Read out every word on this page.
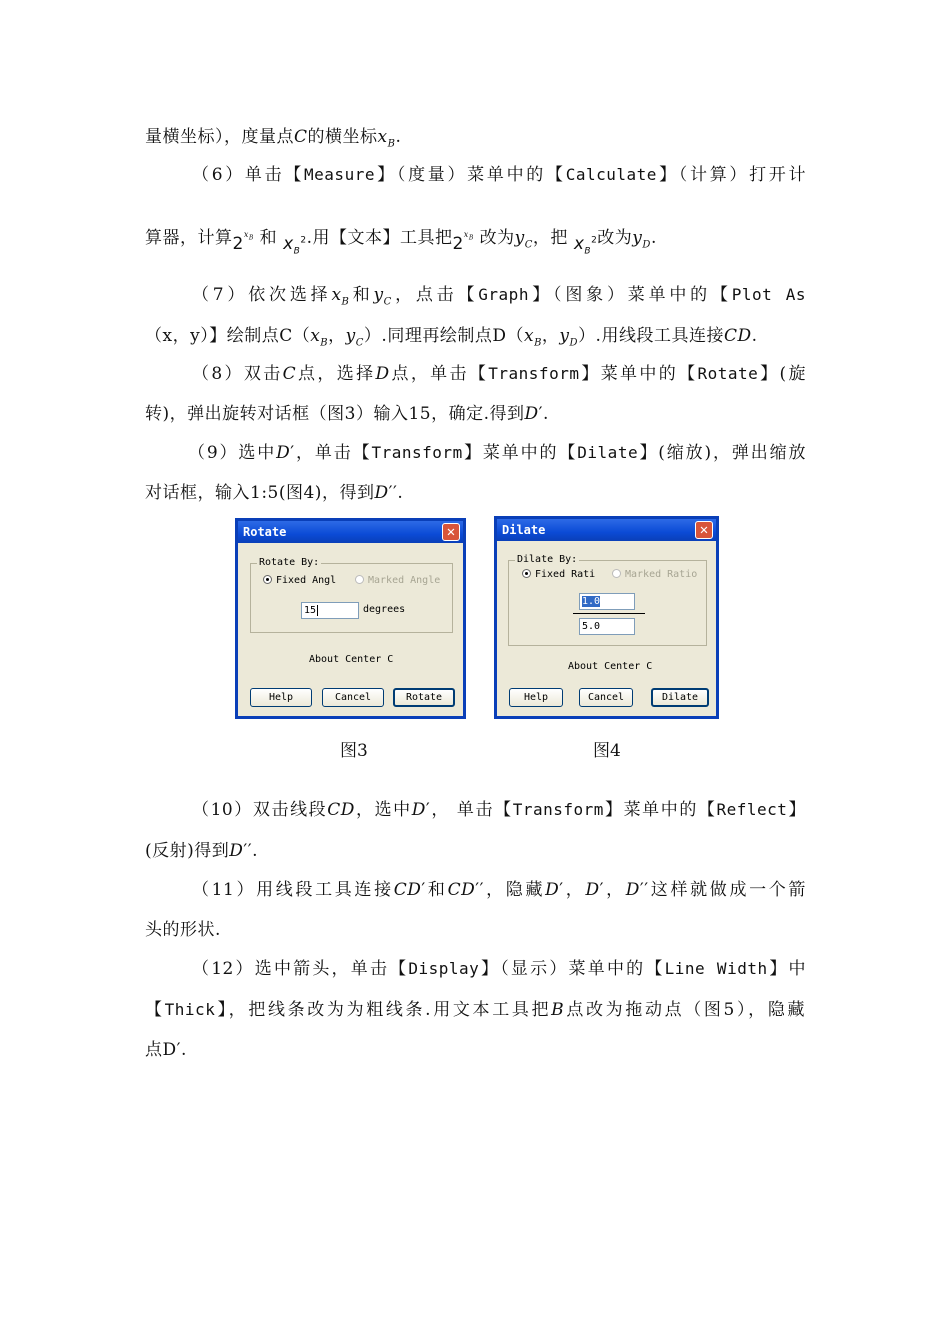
量横坐标），度量点C的横坐标$x_B$.
（6）单击【Measure】（度量）菜单中的【Calculate】（计算）打开计
算器，计算$2^{x_B}$ 和 $x_B^2$.用【文本】工具把$2^{x_B}$ 改为$y_C$，把 $x_B^2$改为$y_D$.
（7）依次选择$x_B$和$y_C$，点击【Graph】（图象）菜单中的【Plot As
（x，y）】绘制点$C(x_B$，$y_C$）.同理再绘制点$D(x_B$，$y_D$）.用线段工具连接CD.
（8）双击C点，选择D点，单击【Transform】菜单中的【Rotate】(旋
转)，弹出旋转对话框（图3）输入15，确定.得到D′.
（9）选中D′，单击【Transform】菜单中的【Dilate】(缩放)，弹出缩放
对话框，输入1:5(图4)，得到D′′.
Rotate	✕
Rotate By:
Fixed Angl	Marked Angle
15	degrees
About Center C
Help	Cancel	Rotate
Dilate	✕
Dilate By:
Fixed Rati	Marked Ratio
1.0
5.0
About Center C
Help	Cancel	Dilate
图3	图4
（10）双击线段CD，选中D′， 单击【Transform】菜单中的【Reflect】
(反射)得到D′′.
（11）用线段工具连接CD′和CD′′，隐藏D′，D′，D′′这样就做成一个箭
头的形状.
（12）选中箭头，单击【Display】（显示）菜单中的【Line Width】中
【Thick】，把线条改为为粗线条.用文本工具把B点改为拖动点（图5），隐藏
点D′.
